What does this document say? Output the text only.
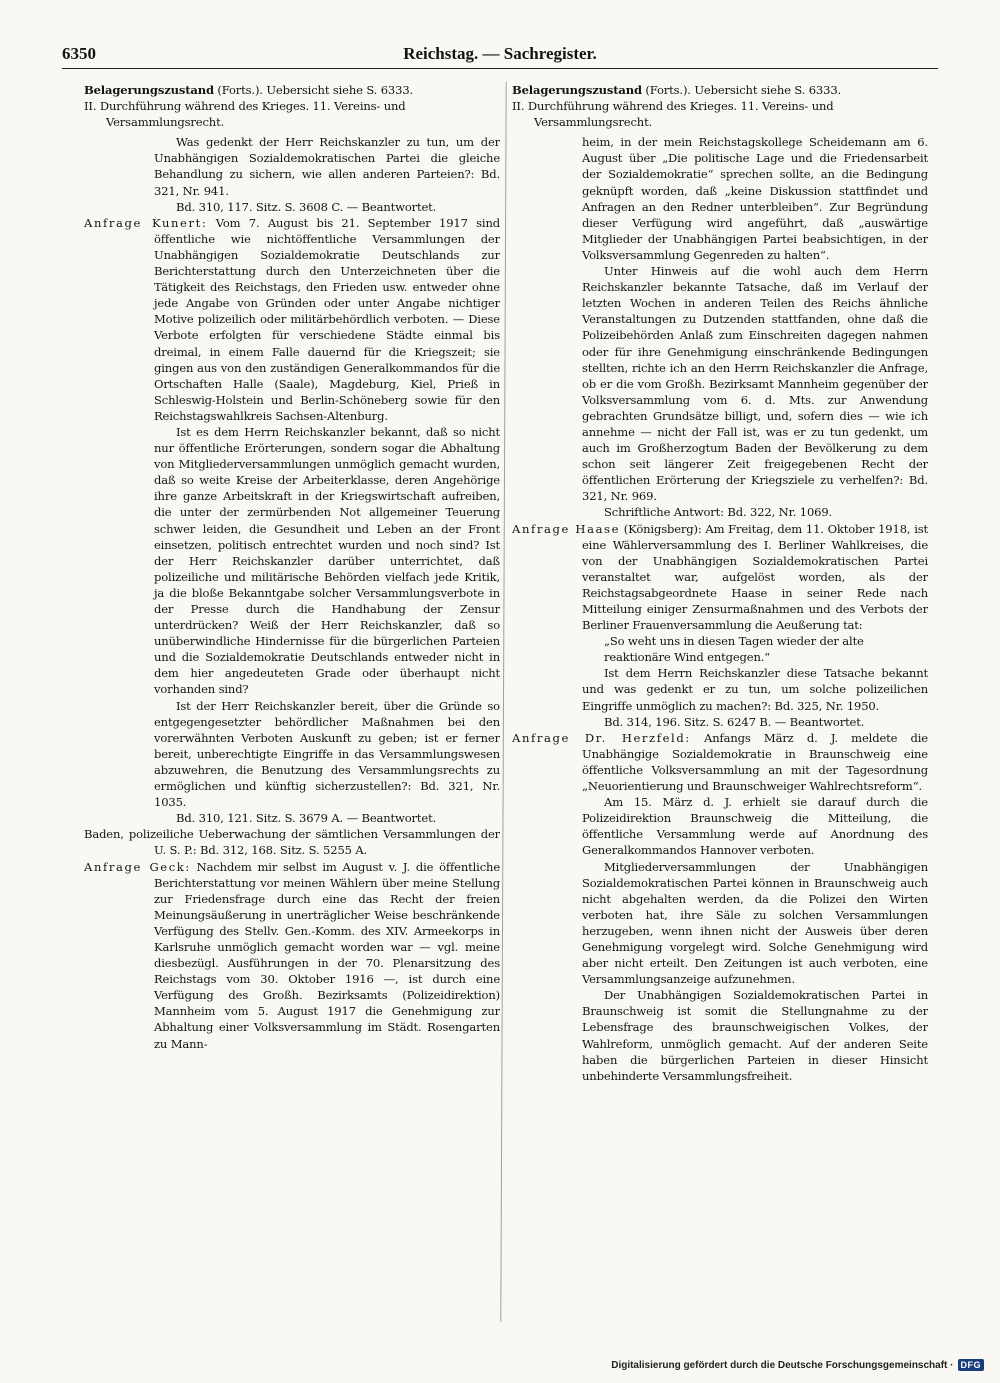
6350	Reichstag. — Sachregister.

Belagerungszustand (Forts.). Uebersicht siehe S. 6333.

II. Durchführung während des Krieges. 11. Vereins- und Versammlungsrecht.

Was gedenkt der Herr Reichskanzler zu tun, um der Unabhängigen Sozialdemokratischen Partei die gleiche Behandlung zu sichern, wie allen anderen Parteien?: Bd. 321, Nr. 941.

Bd. 310, 117. Sitz. S. 3608 C. — Beantwortet.

Anfrage Kunert: Vom 7. August bis 21. September 1917 sind öffentliche wie nichtöffentliche Versammlungen der Unabhängigen Sozialdemokratie Deutschlands zur Berichterstattung durch den Unterzeichneten über die Tätigkeit des Reichstags, den Frieden usw. entweder ohne jede Angabe von Gründen oder unter Angabe nichtiger Motive polizeilich oder militärbehördlich verboten. — Diese Verbote erfolgten für verschiedene Städte einmal bis dreimal, in einem Falle dauernd für die Kriegszeit; sie gingen aus von den zuständigen Generalkommandos für die Ortschaften Halle (Saale), Magdeburg, Kiel, Prieß in Schleswig-Holstein und Berlin-Schöneberg sowie für den Reichstagswahlkreis Sachsen-Altenburg.

Ist es dem Herrn Reichskanzler bekannt, daß so nicht nur öffentliche Erörterungen, sondern sogar die Abhaltung von Mitgliederversammlungen unmöglich gemacht wurden, daß so weite Kreise der Arbeiterklasse, deren Angehörige ihre ganze Arbeitskraft in der Kriegswirtschaft aufreiben, die unter der zermürbenden Not allgemeiner Teuerung schwer leiden, die Gesundheit und Leben an der Front einsetzen, politisch entrechtet wurden und noch sind? Ist der Herr Reichskanzler darüber unterrichtet, daß polizeiliche und militärische Behörden vielfach jede Kritik, ja die bloße Bekanntgabe solcher Versammlungsverbote in der Presse durch die Handhabung der Zensur unterdrücken? Weiß der Herr Reichskanzler, daß so unüberwindliche Hindernisse für die bürgerlichen Parteien und die Sozialdemokratie Deutschlands entweder nicht in dem hier angedeuteten Grade oder überhaupt nicht vorhanden sind?

Ist der Herr Reichskanzler bereit, über die Gründe so entgegengesetzter behördlicher Maßnahmen bei den vorerwähnten Verboten Auskunft zu geben; ist er ferner bereit, unberechtigte Eingriffe in das Versammlungswesen abzuwehren, die Benutzung des Versammlungsrechts zu ermöglichen und künftig sicherzustellen?: Bd. 321, Nr. 1035.

Bd. 310, 121. Sitz. S. 3679 A. — Beantwortet.

Baden, polizeiliche Ueberwachung der sämtlichen Versammlungen der U. S. P.: Bd. 312, 168. Sitz. S. 5255 A.

Anfrage Geck: Nachdem mir selbst im August v. J. die öffentliche Berichterstattung vor meinen Wählern über meine Stellung zur Friedensfrage durch eine das Recht der freien Meinungsäußerung in unerträglicher Weise beschränkende Verfügung des Stellv. Gen.-Komm. des XIV. Armeekorps in Karlsruhe unmöglich gemacht worden war — vgl. meine diesbezügl. Ausführungen in der 70. Plenarsitzung des Reichstags vom 30. Oktober 1916 —, ist durch eine Verfügung des Großh. Bezirksamts (Polizeidirektion) Mannheim vom 5. August 1917 die Genehmigung zur Abhaltung einer Volksversammlung im Städt. Rosengarten zu Mann-

Belagerungszustand (Forts.). Uebersicht siehe S. 6333.

II. Durchführung während des Krieges. 11. Vereins- und Versammlungsrecht.

heim, in der mein Reichstagskollege Scheidemann am 6. August über „Die politische Lage und die Friedensarbeit der Sozialdemokratie“ sprechen sollte, an die Bedingung geknüpft worden, daß „keine Diskussion stattfindet und Anfragen an den Redner unterbleiben“. Zur Begründung dieser Verfügung wird angeführt, daß „auswärtige Mitglieder der Unabhängigen Partei beabsichtigen, in der Volksversammlung Gegenreden zu halten“.

Unter Hinweis auf die wohl auch dem Herrn Reichskanzler bekannte Tatsache, daß im Verlauf der letzten Wochen in anderen Teilen des Reichs ähnliche Veranstaltungen zu Dutzenden stattfanden, ohne daß die Polizeibehörden Anlaß zum Einschreiten dagegen nahmen oder für ihre Genehmigung einschränkende Bedingungen stellten, richte ich an den Herrn Reichskanzler die Anfrage, ob er die vom Großh. Bezirksamt Mannheim gegenüber der Volksversammlung vom 6. d. Mts. zur Anwendung gebrachten Grundsätze billigt, und, sofern dies — wie ich annehme — nicht der Fall ist, was er zu tun gedenkt, um auch im Großherzogtum Baden der Bevölkerung zu dem schon seit längerer Zeit freigegebenen Recht der öffentlichen Erörterung der Kriegsziele zu verhelfen?: Bd. 321, Nr. 969.

Schriftliche Antwort: Bd. 322, Nr. 1069.

Anfrage Haase (Königsberg): Am Freitag, dem 11. Oktober 1918, ist eine Wählerversammlung des I. Berliner Wahlkreises, die von der Unabhängigen Sozialdemokratischen Partei veranstaltet war, aufgelöst worden, als der Reichstagsabgeordnete Haase in seiner Rede nach Mitteilung einiger Zensurmaßnahmen und des Verbots der Berliner Frauenversammlung die Aeußerung tat:

„So weht uns in diesen Tagen wieder der alte reaktionäre Wind entgegen.“

Ist dem Herrn Reichskanzler diese Tatsache bekannt und was gedenkt er zu tun, um solche polizeilichen Eingriffe unmöglich zu machen?: Bd. 325, Nr. 1950.

Bd. 314, 196. Sitz. S. 6247 B. — Beantwortet.

Anfrage Dr. Herzfeld: Anfangs März d. J. meldete die Unabhängige Sozialdemokratie in Braunschweig eine öffentliche Volksversammlung an mit der Tagesordnung „Neuorientierung und Braunschweiger Wahlrechtsreform“.

Am 15. März d. J. erhielt sie darauf durch die Polizeidirektion Braunschweig die Mitteilung, die öffentliche Versammlung werde auf Anordnung des Generalkommandos Hannover verboten.

Mitgliederversammlungen der Unabhängigen Sozialdemokratischen Partei können in Braunschweig auch nicht abgehalten werden, da die Polizei den Wirten verboten hat, ihre Säle zu solchen Versammlungen herzugeben, wenn ihnen nicht der Ausweis über deren Genehmigung vorgelegt wird. Solche Genehmigung wird aber nicht erteilt. Den Zeitungen ist auch verboten, eine Versammlungsanzeige aufzunehmen.

Der Unabhängigen Sozialdemokratischen Partei in Braunschweig ist somit die Stellungnahme zu der Lebensfrage des braunschweigischen Volkes, der Wahlreform, unmöglich gemacht. Auf der anderen Seite haben die bürgerlichen Parteien in dieser Hinsicht unbehinderte Versammlungsfreiheit.

Digitalisierung gefördert durch die Deutsche Forschungsgemeinschaft · DFG
